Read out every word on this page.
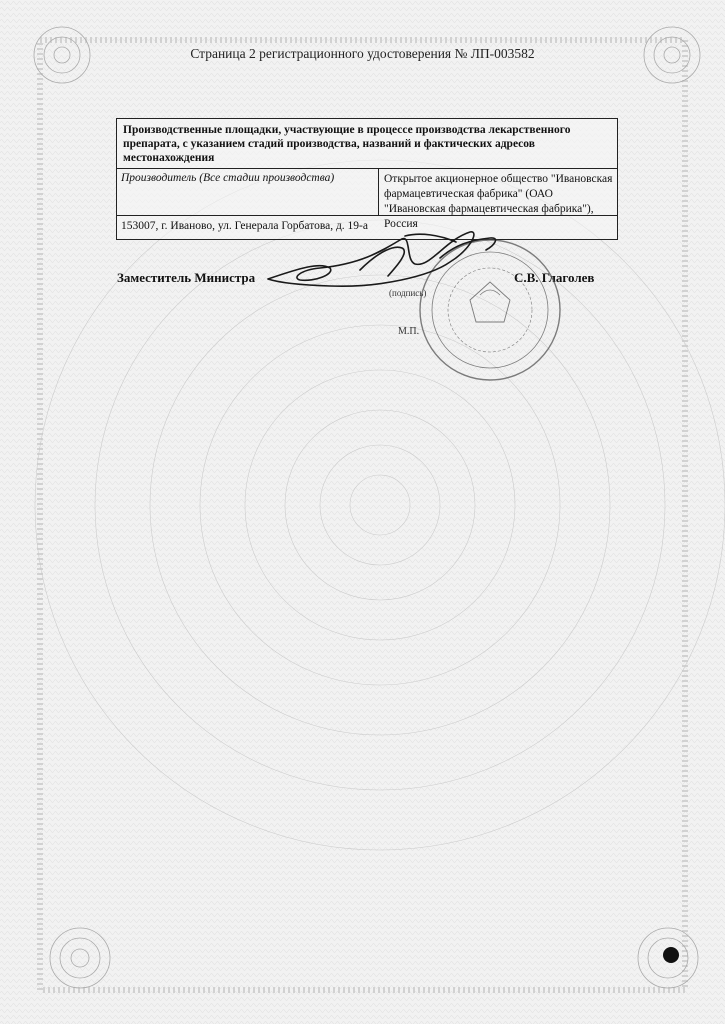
Страница 2 регистрационного удостоверения № ЛП-003582
Производственные площадки, участвующие в процессе производства лекарственного препарата, с указанием стадий производства, названий и фактических адресов местонахождения
Производитель (Все стадии производства)	Открытое акционерное общество "Ивановская фармацевтическая фабрика" (ОАО "Ивановская фармацевтическая фабрика"), Россия
153007, г. Иваново, ул. Генерала Горбатова, д. 19-а
Заместитель Министра	С.В. Глаголев
(подпись)
М.П.
